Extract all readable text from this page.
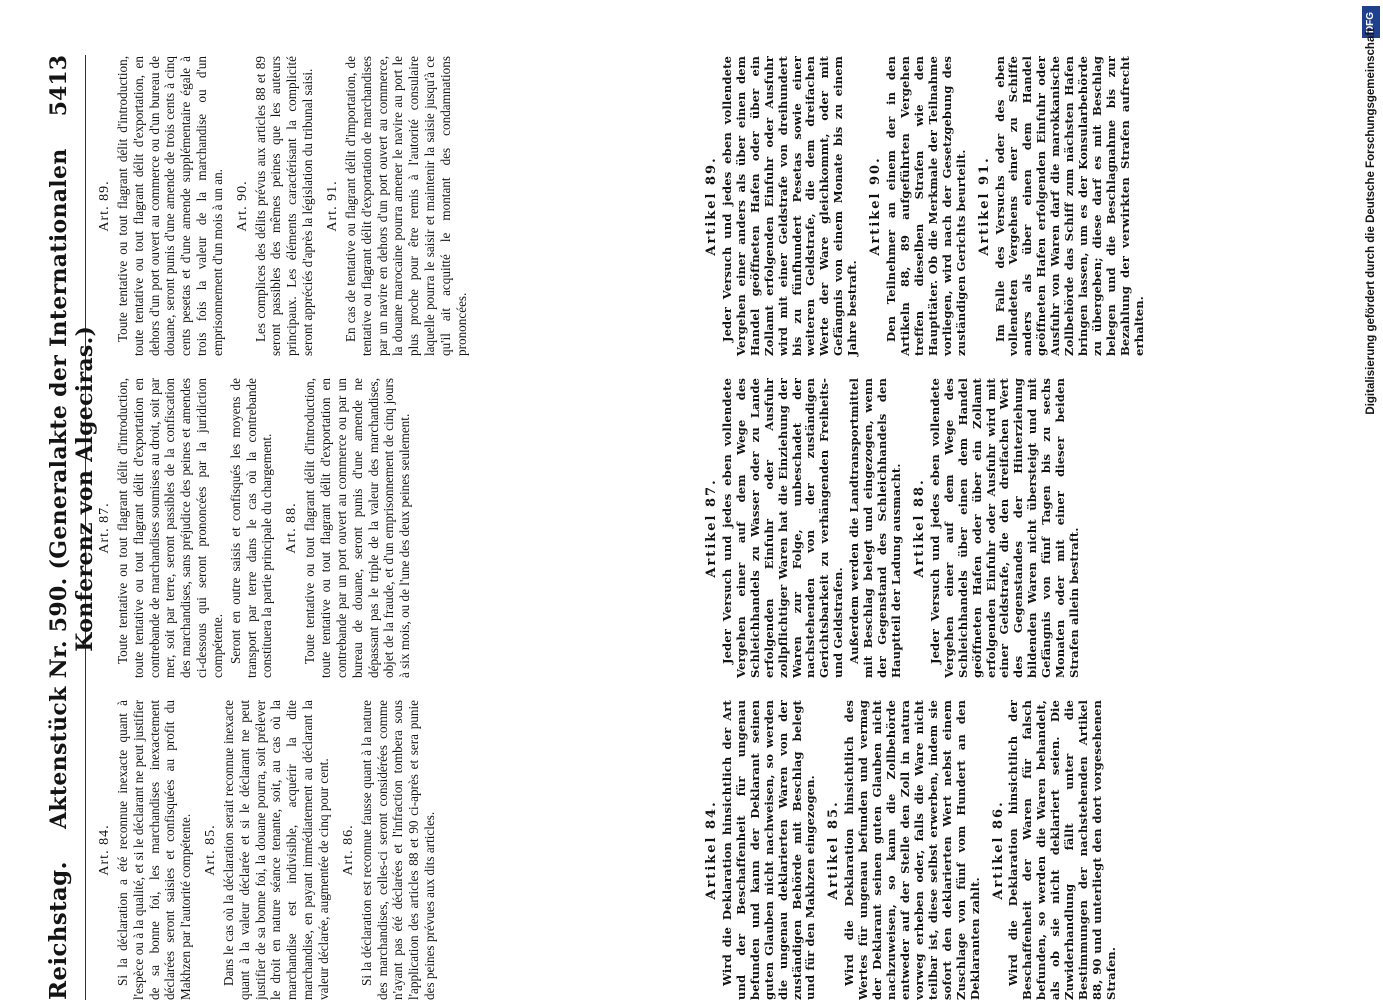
Reichstag.
Aktenstück Nr. 590. (Generalakte der Internationalen Konferenz von Algeciras.)
5413
Art. 84. Si la déclaration a été reconnue inexacte quant à l'espèce ou à la qualité, et si le déclarant ne peut justifier de sa bonne foi, les marchandises inexactement déclarées seront saisies et confisquées au profit du Makhzen par l'autorité compétente. Art. 85. Dans le cas où la déclaration serait reconnue inexacte quant à la valeur déclarée et si le déclarant ne peut justifier de sa bonne foi, la douane pourra, soit prélever le droit en nature séance tenante, soit, au cas où la marchandise est indivisible, acquérir la dite marchandise, en payant immédiatement au déclarant la valeur déclarée, augmentée de cinq pour cent. Art. 86. Si la déclaration est reconnue fausse quant à la nature des marchandises, celles-ci seront considérées comme n'ayant pas été déclarées et l'infraction tombera sous l'application des articles 88 et 90 ci-après et sera punie des peines prévues aux dits articles.

Art. 87. Toute tentative ou tout flagrant délit d'introduction, toute tentative ou tout flagrant délit d'exportation en contrebande de marchandises soumises au droit, soit par mer, soit par terre, seront passibles de la confiscation des marchandises, sans préjudice des peines et amendes ci-dessous qui seront prononcées par la juridiction compétente. Seront en outre saisis et confisqués les moyens de transport par terre dans le cas où la contrebande constituera la partie principale du chargement. Art. 88. Toute tentative ou tout flagrant délit d'introduction, toute tentative ou tout flagrant délit d'exportation en contrebande par un port ouvert au commerce ou par un bureau de douane, seront punis d'une amende ne dépassant pas le triple de la valeur des marchandises, objet de la fraude, et d'un emprisonnement de cinq jours à six mois, ou de l'une des deux peines seulement.

Art. 89. Toute tentative ou tout flagrant délit d'introduction, toute tentative ou tout flagrant délit d'exportation, en dehors d'un port ouvert au commerce ou d'un bureau de douane, seront punis d'une amende de trois cents à cinq cents pesetas et d'une amende supplémentaire égale à trois fois la valeur de la marchandise ou d'un emprisonnement d'un mois à un an. Art. 90. Les complices des délits prévus aux articles 88 et 89 seront passibles des mêmes peines que les auteurs principaux. Les éléments caractérisant la complicité seront appréciés d'après la législation du tribunal saisi. Art. 91. En cas de tentative ou flagrant délit d'importation, de tentative ou flagrant délit d'exportation de marchandises par un navire en dehors d'un port ouvert au commerce, la douane marocaine pourra amener le navire au port le plus proche pour être remis à l'autorité consulaire laquelle pourra le saisir et maintenir la saisie jusqu'à ce qu'il ait acquitté le montant des condamnations prononcées.

Artikel 84. Wird die Deklaration hinsichtlich der Art und der Beschaffenheit für ungenau befunden und kann der Deklarant seinen guten Glauben nicht nachweisen, so werden die ungenau deklarierten Waren von der zuständigen Behörde mit Beschlag belegt und für den Makhzen eingezogen. Artikel 85. Wird die Deklaration hinsichtlich des Wertes für ungenau befunden und vermag der Deklarant seinen guten Glauben nicht nachzuweisen, so kann die Zollbehörde entweder auf der Stelle den Zoll in natura vorweg erheben oder, falls die Ware nicht teilbar ist, diese selbst erwerben, indem sie sofort den deklarierten Wert nebst einem Zuschlage von fünf vom Hundert an den Deklaranten zahlt.

Artikel 86. Wird die Deklaration hinsichtlich der Beschaffenheit der Waren für falsch befunden, so werden die Waren behandelt, als ob sie nicht deklariert seien. Die Zuwiderhandlung fällt unter die Bestimmungen der nachstehenden Artikel 88, 90 und unterliegt den dort vorgesehenen Strafen.

Artikel 87. Jeder Versuch und jedes eben vollendete Vergehen einer auf dem Wege des Schleichhandels zu Wasser oder zu Lande erfolgenden Einfuhr oder Ausfuhr zollpflichtiger Waren hat die Einziehung der Waren zur Folge, unbeschadet der nachstehenden von der zuständigen Gerichtsbarkeit zu verhängenden Freiheits- und Geldstrafen. Außerdem werden die Landtransportmittel mit Beschlag belegt und eingezogen, wenn der Gegenstand des Schleichhandels den Hauptteil der Ladung ausmacht. Artikel 88. Jeder Versuch und jedes eben vollendete Vergehen einer auf dem Wege des Schleichhandels über einen dem Handel geöffneten Hafen oder über ein Zollamt erfolgenden Einfuhr oder Ausfuhr wird mit einer Geldstrafe, die den dreifachen Wert des Gegenstandes der Hinterziehung bildenden Waren nicht übersteigt und mit Gefängnis von fünf Tagen bis zu sechs Monaten oder mit einer dieser beiden Strafen allein bestraft.

Artikel 89. Jeder Versuch und jedes eben vollendete Vergehen einer anders als über einen dem Handel geöffneten Hafen oder über ein Zollamt erfolgenden Einfuhr oder Ausfuhr wird mit einer Geldstrafe von dreihundert bis zu fünfhundert Pesetas sowie einer weiteren Geldstrafe, die dem dreifachen Werte der Ware gleichkommt, oder mit Gefängnis von einem Monate bis zu einem Jahre bestraft.

Artikel 90. Den Teilnehmer an einem der in den Artikeln 88, 89 aufgeführten Vergehen treffen dieselben Strafen wie den Haupttäter. Ob die Merkmale der Teilnahme vorliegen, wird nach der Gesetzgebung des zuständigen Gerichts beurteilt. Artikel 91. Im Falle des Versuchs oder des eben vollendeten Vergehens einer zu Schiffe anders als über einen dem Handel geöffneten Hafen erfolgenden Einfuhr oder Ausfuhr von Waren darf die marokkanische Zollbehörde das Schiff zum nächsten Hafen bringen lassen, um es der Konsularbehörde zu übergeben; diese darf es mit Beschlag belegen und die Beschlagnahme bis zur Bezahlung der verwirkten Strafen aufrecht erhalten.

DFG
Digitalisierung gefördert durch die Deutsche Forschungsgemeinschaft
